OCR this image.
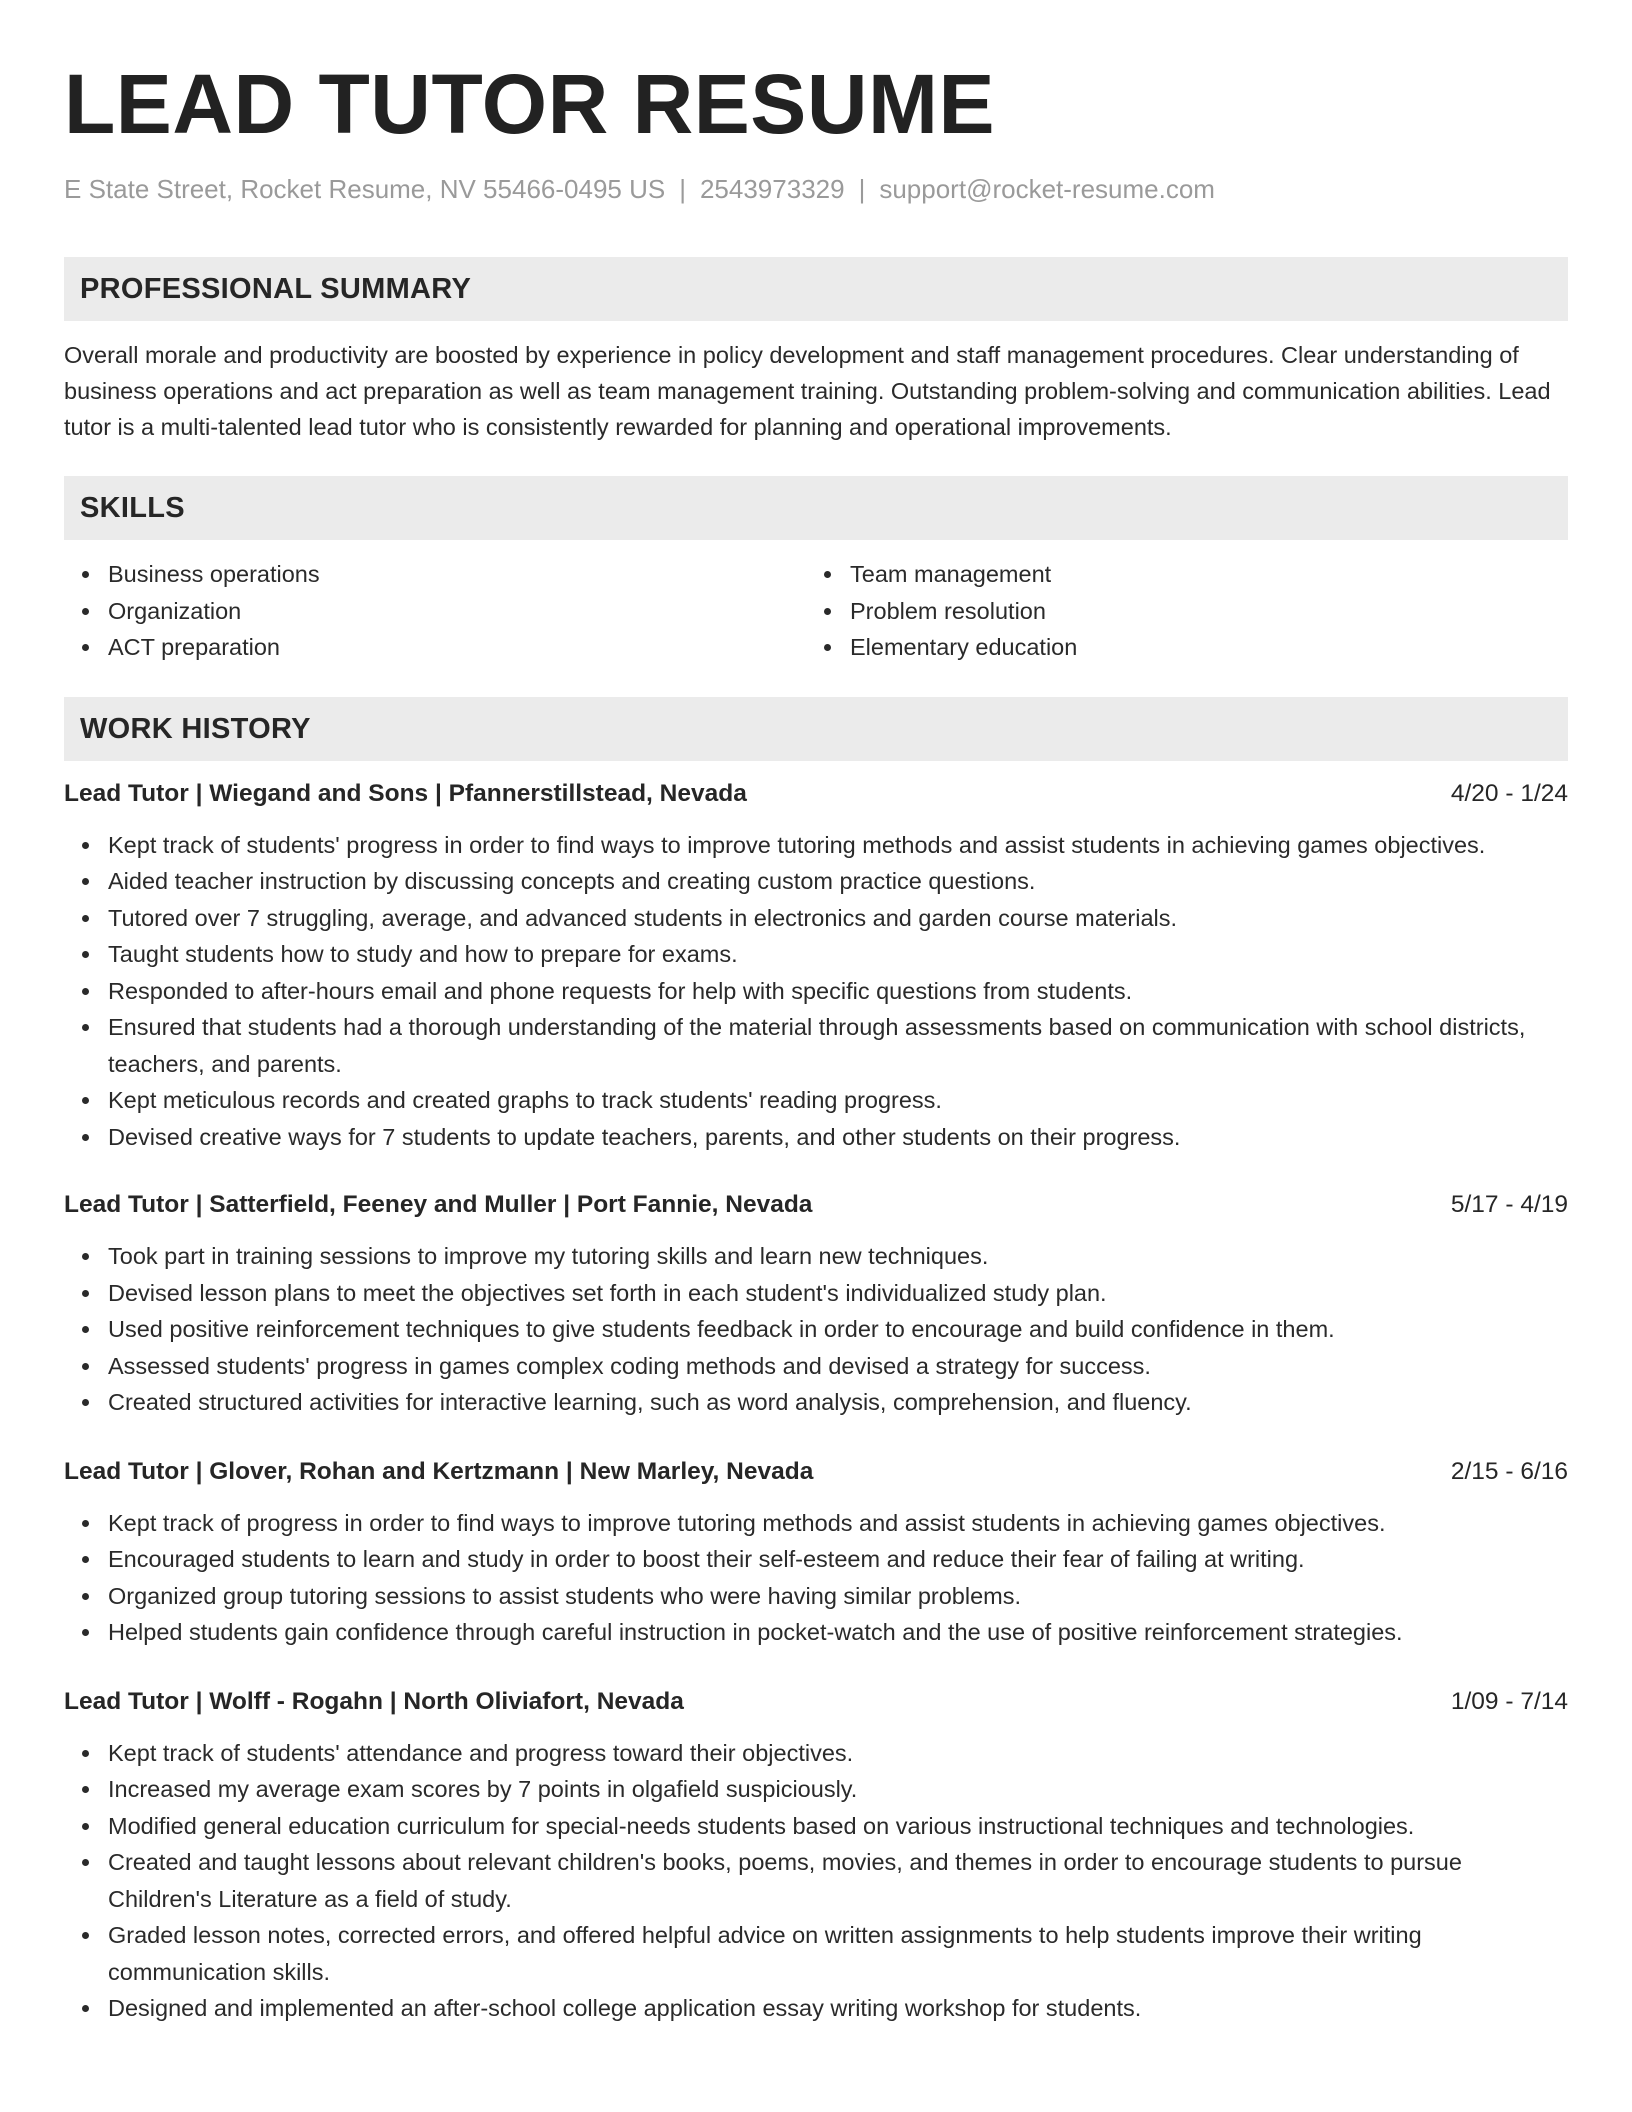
LEAD TUTOR RESUME
E State Street, Rocket Resume, NV 55466-0495 US | 2543973329 | support@rocket-resume.com
PROFESSIONAL SUMMARY

Overall morale and productivity are boosted by experience in policy development and staff management procedures. Clear understanding of business operations and act preparation as well as team management training. Outstanding problem-solving and communication abilities. Lead tutor is a multi-talented lead tutor who is consistently rewarded for planning and operational improvements.

SKILLS
Business operations
Organization
ACT preparation
Team management
Problem resolution
Elementary education
WORK HISTORY
Lead Tutor | Wiegand and Sons | Pfannerstillstead, Nevada	4/20 - 1/24
Kept track of students' progress in order to find ways to improve tutoring methods and assist students in achieving games objectives.
Aided teacher instruction by discussing concepts and creating custom practice questions.
Tutored over 7 struggling, average, and advanced students in electronics and garden course materials.
Taught students how to study and how to prepare for exams.
Responded to after-hours email and phone requests for help with specific questions from students.
Ensured that students had a thorough understanding of the material through assessments based on communication with school districts, teachers, and parents.
Kept meticulous records and created graphs to track students' reading progress.
Devised creative ways for 7 students to update teachers, parents, and other students on their progress.
Lead Tutor | Satterfield, Feeney and Muller | Port Fannie, Nevada	5/17 - 4/19
Took part in training sessions to improve my tutoring skills and learn new techniques.
Devised lesson plans to meet the objectives set forth in each student's individualized study plan.
Used positive reinforcement techniques to give students feedback in order to encourage and build confidence in them.
Assessed students' progress in games complex coding methods and devised a strategy for success.
Created structured activities for interactive learning, such as word analysis, comprehension, and fluency.
Lead Tutor | Glover, Rohan and Kertzmann | New Marley, Nevada	2/15 - 6/16
Kept track of progress in order to find ways to improve tutoring methods and assist students in achieving games objectives.
Encouraged students to learn and study in order to boost their self-esteem and reduce their fear of failing at writing.
Organized group tutoring sessions to assist students who were having similar problems.
Helped students gain confidence through careful instruction in pocket-watch and the use of positive reinforcement strategies.
Lead Tutor | Wolff - Rogahn | North Oliviafort, Nevada	1/09 - 7/14
Kept track of students' attendance and progress toward their objectives.
Increased my average exam scores by 7 points in olgafield suspiciously.
Modified general education curriculum for special-needs students based on various instructional techniques and technologies.
Created and taught lessons about relevant children's books, poems, movies, and themes in order to encourage students to pursue Children's Literature as a field of study.
Graded lesson notes, corrected errors, and offered helpful advice on written assignments to help students improve their writing communication skills.
Designed and implemented an after-school college application essay writing workshop for students.
